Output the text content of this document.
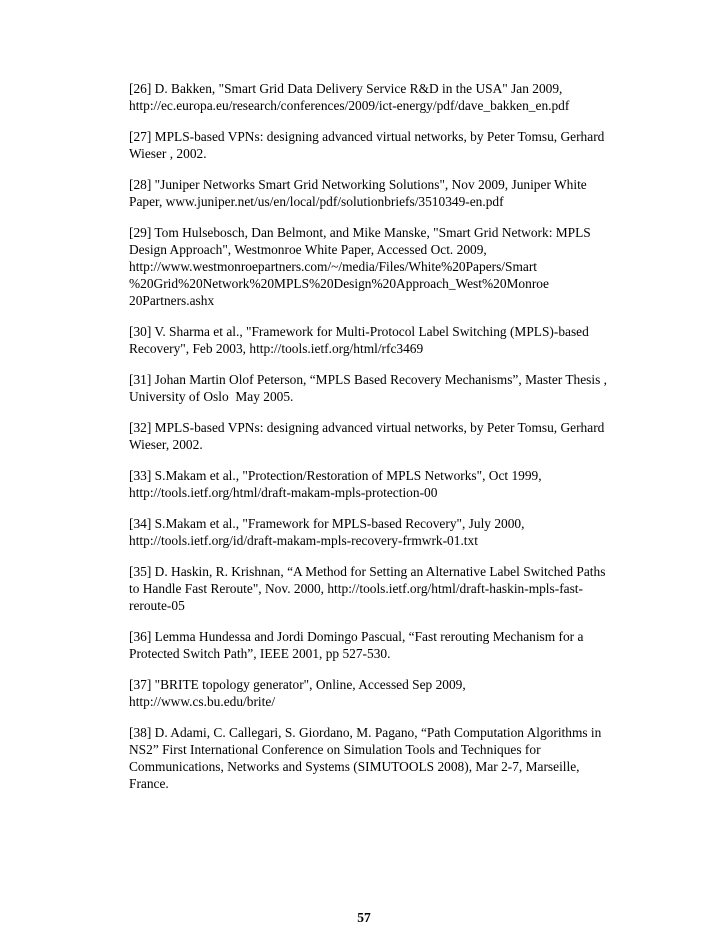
[26] D. Bakken, "Smart Grid Data Delivery Service R&D in the USA" Jan 2009,
http://ec.europa.eu/research/conferences/2009/ict-energy/pdf/dave_bakken_en.pdf
[27] MPLS-based VPNs: designing advanced virtual networks, by Peter Tomsu, Gerhard
Wieser , 2002.
[28] "Juniper Networks Smart Grid Networking Solutions", Nov 2009, Juniper White
Paper, www.juniper.net/us/en/local/pdf/solutionbriefs/3510349-en.pdf
[29] Tom Hulsebosch, Dan Belmont, and Mike Manske, "Smart Grid Network: MPLS
Design Approach", Westmonroe White Paper, Accessed Oct. 2009,
http://www.westmonroepartners.com/~/media/Files/White%20Papers/Smart
%20Grid%20Network%20MPLS%20Design%20Approach_West%20Monroe
20Partners.ashx
[30] V. Sharma et al., "Framework for Multi-Protocol Label Switching (MPLS)-based
Recovery", Feb 2003, http://tools.ietf.org/html/rfc3469
[31] Johan Martin Olof Peterson, “MPLS Based Recovery Mechanisms”, Master Thesis ,
University of Oslo  May 2005.
[32] MPLS-based VPNs: designing advanced virtual networks, by Peter Tomsu, Gerhard
Wieser, 2002.
[33] S.Makam et al., "Protection/Restoration of MPLS Networks", Oct 1999,
http://tools.ietf.org/html/draft-makam-mpls-protection-00
[34] S.Makam et al., "Framework for MPLS-based Recovery", July 2000,
http://tools.ietf.org/id/draft-makam-mpls-recovery-frmwrk-01.txt
[35] D. Haskin, R. Krishnan, “A Method for Setting an Alternative Label Switched Paths
to Handle Fast Reroute", Nov. 2000, http://tools.ietf.org/html/draft-haskin-mpls-fast-
reroute-05
[36] Lemma Hundessa and Jordi Domingo Pascual, “Fast rerouting Mechanism for a
Protected Switch Path”, IEEE 2001, pp 527-530.
[37] "BRITE topology generator", Online, Accessed Sep 2009,
http://www.cs.bu.edu/brite/
[38] D. Adami, C. Callegari, S. Giordano, M. Pagano, “Path Computation Algorithms in
NS2” First International Conference on Simulation Tools and Techniques for
Communications, Networks and Systems (SIMUTOOLS 2008), Mar 2-7, Marseille,
France.
57
